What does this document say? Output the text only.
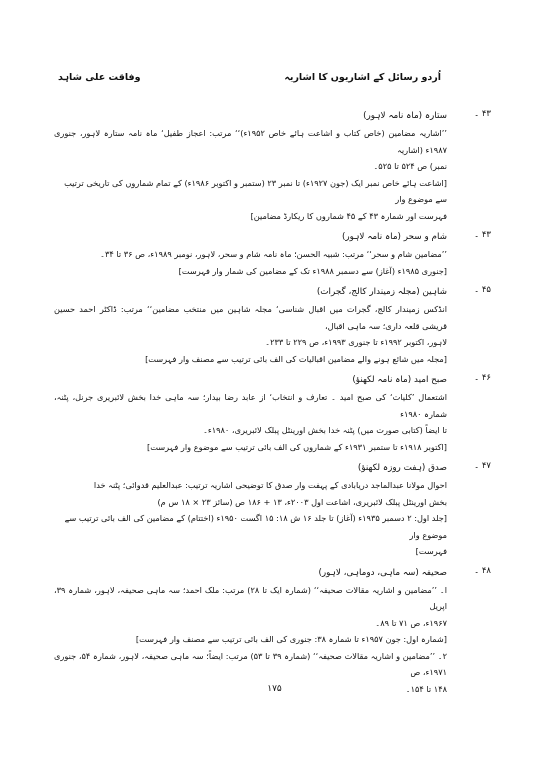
اُردو رسائل کے اشاریوں کا اشاریہ
وفاقت علی شاہد
۴۳ ۔
ستارہ (ماہ نامہ لاہور)
’’اشاریہ مضامین (خاص کتاب و اشاعت ہائے خاص ۱۹۵۲ء)‘‘ مرتب: اعجاز طفیل‘ ماہ نامہ ستارہ لاہور، جنوری ۱۹۸۷ء (اشاریہ
نمبر) ص ۵۲۴ تا ۵۲۵۔
[اشاعت ہائے خاص نمبر ایک (جون ۱۹۲۷ء) تا نمبر ۲۳ (ستمبر و اکتوبر ۱۹۸۶ء) کے تمام شماروں کی تاریخی ترتیب سے موضوع وار
فہرست اور شمارہ ۴۳ کے ۴۵ شماروں کا ریکارڈ مضامین]
۴۳ ۔
شام و سحر (ماہ نامہ لاہور)
’’مضامین شام و سحر‘‘ مرتب: شبیہ الحسن؛ ماہ نامہ شام و سحر، لاہور، نومبر ۱۹۸۹ء، ص ۳۶ تا ۳۴۔
[جنوری ۱۹۸۵ء (آغاز) سے دسمبر ۱۹۸۸ء تک کے مضامین کی شمار وار فہرست]
۴۵ ۔
شاہین (مجلہ زمیندار کالج، گجرات)
انڈکس زمیندار کالج، گجرات میں اقبال شناسی‘ مجلہ شاہین میں منتخب مضامین‘‘ مرتب: ڈاکٹر احمد حسین قریشی قلعہ داری؛ سہ ماہی اقبال،
لاہور، اکتوبر ۱۹۹۲ء تا جنوری ۱۹۹۳ء، ص ۲۲۹ تا ۲۳۳۔
[مجلہ میں شائع ہونے والے مضامین اقبالیات کی الف بائی ترتیب سے مصنف وار فہرست]
۴۶ ۔
صبح امید (ماہ نامہ لکھنؤ)
اشتعمال ’کلیات‘ کی صبح امید ۔ تعارف و انتخاب‘ از عابد رضا بیدار؛ سہ ماہی خدا بخش لائبریری جرنل، پٹنہ، شمارہ ۱۹۸۰ء
تا ایضاً (کتابی صورت میں) پٹنہ خدا بخش اورینٹل پبلک لائبریری، ۱۹۸۰ء۔
[اکتوبر ۱۹۱۸ء تا ستمبر ۱۹۳۱ء کے شماروں کی الف بائی ترتیب سے موضوع وار فہرست]
۴۷ ۔
صدق (ہفت روزہ لکھنؤ)
احوال مولانا عبدالماجد دریابادی کے پہفت وار صدق کا توضیحی اشاریہ ترتیب: عبدالعلیم قدوائی؛ پٹنہ خدا
بخش اورینٹل پبلک لائبریری، اشاعت اول ۲۰۰۳ء، ۱۳ + ۱۸۶ ص (سائز ۲۳ × ۱۸ س م)
[جلد اول: ۲ دسمبر ۱۹۳۵ء (آغاز) تا جلد ۱۶ ش ۱۸: ۱۵ اگست ۱۹۵۰ء (اختتام) کے مضامین کی الف بائی ترتیب سے موضوع وار
فہرست]
۴۸ ۔
صحیفہ (سہ ماہی، دوماہی، لاہور)
ا۔ ’’مضامین و اشاریہ مقالات صحیفہ‘‘ (شمارہ ایک تا ۲۸) مرتب: ملک احمد؛ سہ ماہی صحیفہ، لاہور، شمارہ ۳۹، اپریل
۱۹۶۷ء، ص ۷۱ تا ۸۹۔
[شمارہ اول: جون ۱۹۵۷ء تا شمارہ ۳۸: جنوری کی الف بائی ترتیب سے مصنف وار فہرست]
۲۔ ’’مضامین و اشاریہ مقالات صحیفہ‘‘ (شمارہ ۳۹ تا ۵۳) مرتب: ایضاً؛ سہ ماہی صحیفہ، لاہور، شمارہ ۵۴، جنوری ۱۹۷۱ء، ص
۱۴۸ تا ۱۵۴۔
۱۷۵
